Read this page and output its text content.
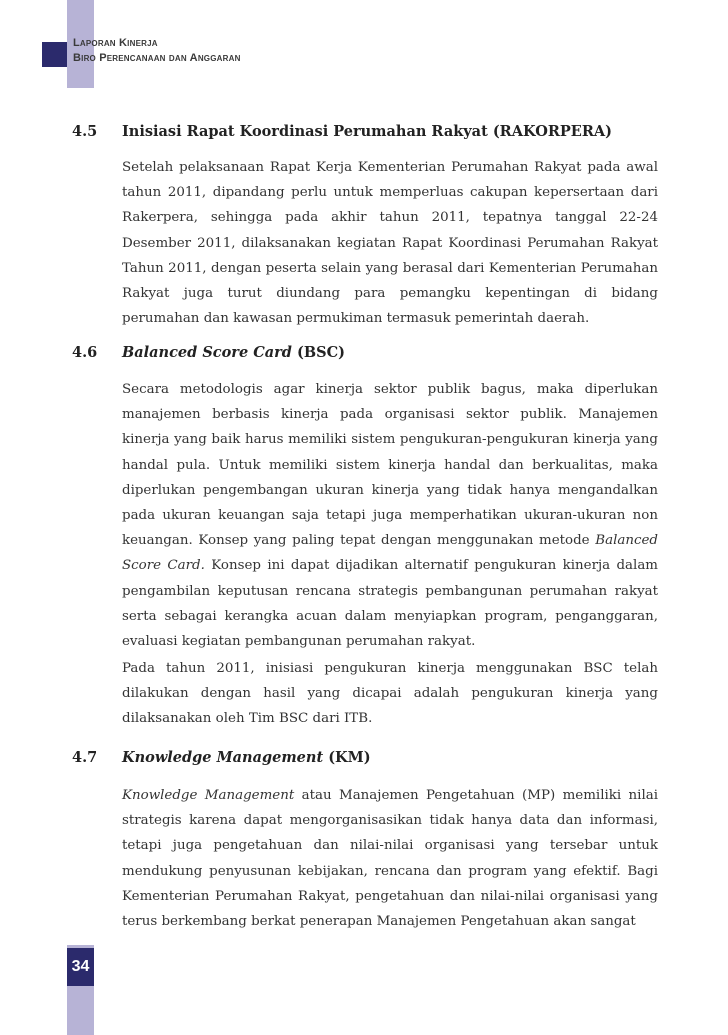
Laporan Kinerja
Biro Perencanaan dan Anggaran
4.5 Inisiasi Rapat Koordinasi Perumahan Rakyat (RAKORPERA)
Setelah pelaksanaan Rapat Kerja Kementerian Perumahan Rakyat pada awal tahun 2011, dipandang perlu untuk memperluas cakupan kepersertaan dari Rakerpera, sehingga pada akhir tahun 2011, tepatnya tanggal 22-24 Desember 2011, dilaksanakan kegiatan Rapat Koordinasi Perumahan Rakyat Tahun 2011, dengan peserta selain yang berasal dari Kementerian Perumahan Rakyat juga turut diundang para pemangku kepentingan di bidang perumahan dan kawasan permukiman termasuk pemerintah daerah.
4.6 Balanced Score Card (BSC)
Secara metodologis agar kinerja sektor publik bagus, maka diperlukan manajemen berbasis kinerja pada organisasi sektor publik. Manajemen kinerja yang baik harus memiliki sistem pengukuran-pengukuran kinerja yang handal pula. Untuk memiliki sistem kinerja handal dan berkualitas, maka diperlukan pengembangan ukuran kinerja yang tidak hanya mengandalkan pada ukuran keuangan saja tetapi juga memperhatikan ukuran-ukuran non keuangan. Konsep yang paling tepat dengan menggunakan metode Balanced Score Card. Konsep ini dapat dijadikan alternatif pengukuran kinerja dalam pengambilan keputusan rencana strategis pembangunan perumahan rakyat serta sebagai kerangka acuan dalam menyiapkan program, penganggaran, evaluasi kegiatan pembangunan perumahan rakyat.
Pada tahun 2011, inisiasi pengukuran kinerja menggunakan BSC telah dilakukan dengan hasil yang dicapai adalah pengukuran kinerja yang dilaksanakan oleh Tim BSC dari ITB.
4.7 Knowledge Management (KM)
Knowledge Management atau Manajemen Pengetahuan (MP) memiliki nilai strategis karena dapat mengorganisasikan tidak hanya data dan informasi, tetapi juga pengetahuan dan nilai-nilai organisasi yang tersebar untuk mendukung penyusunan kebijakan, rencana dan program yang efektif. Bagi Kementerian Perumahan Rakyat, pengetahuan dan nilai-nilai organisasi yang terus berkembang berkat penerapan Manajemen Pengetahuan akan sangat
34
